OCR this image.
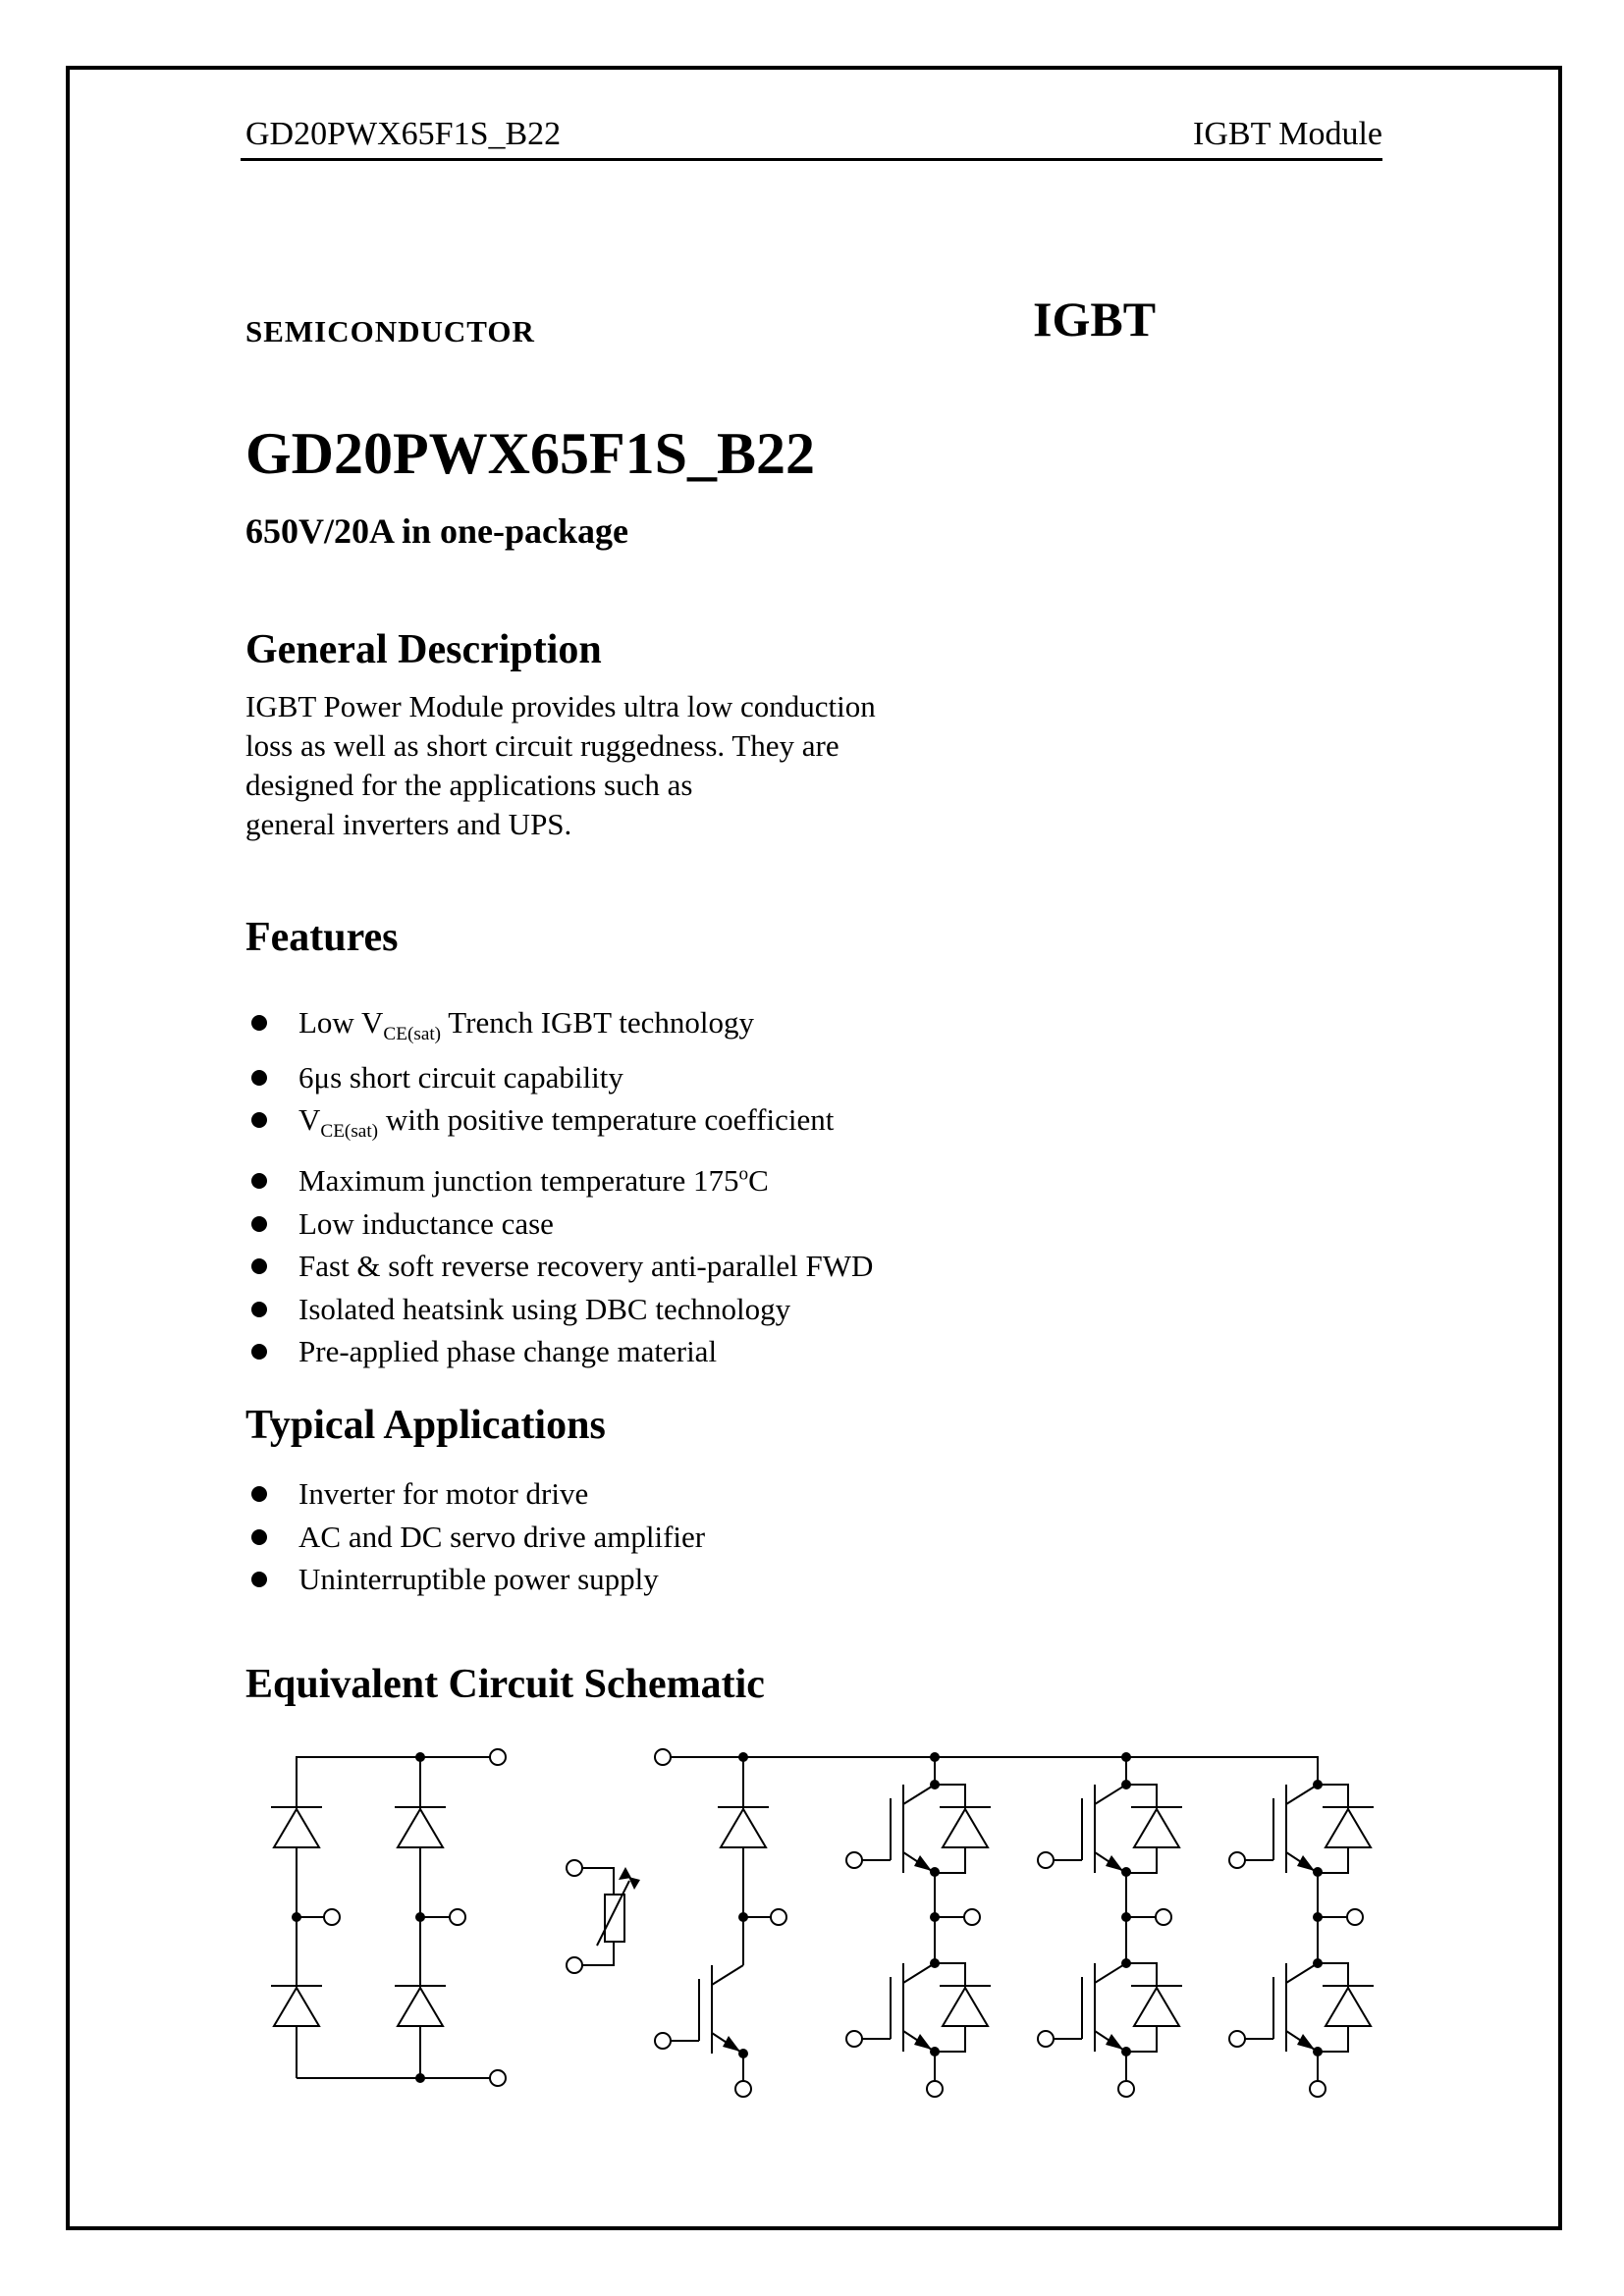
GD20PWX65F1S_B22	IGBT Module
SEMICONDUCTOR	IGBT
GD20PWX65F1S_B22
650V/20A in one-package
General Description
IGBT Power Module provides ultra low conduction
loss as well as short circuit ruggedness. They are
designed for the applications such as
general inverters and UPS.
Features
Low $V_{CE(sat)}$ Trench IGBT technology
6μs short circuit capability
$V_{CE(sat)}$ with positive temperature coefficient
Maximum junction temperature 175$^o$C
Low inductance case
Fast & soft reverse recovery anti-parallel FWD
Isolated heatsink using DBC technology
Pre-applied phase change material
Typical Applications
Inverter for motor drive
AC and DC servo drive amplifier
Uninterruptible power supply
Equivalent Circuit Schematic
